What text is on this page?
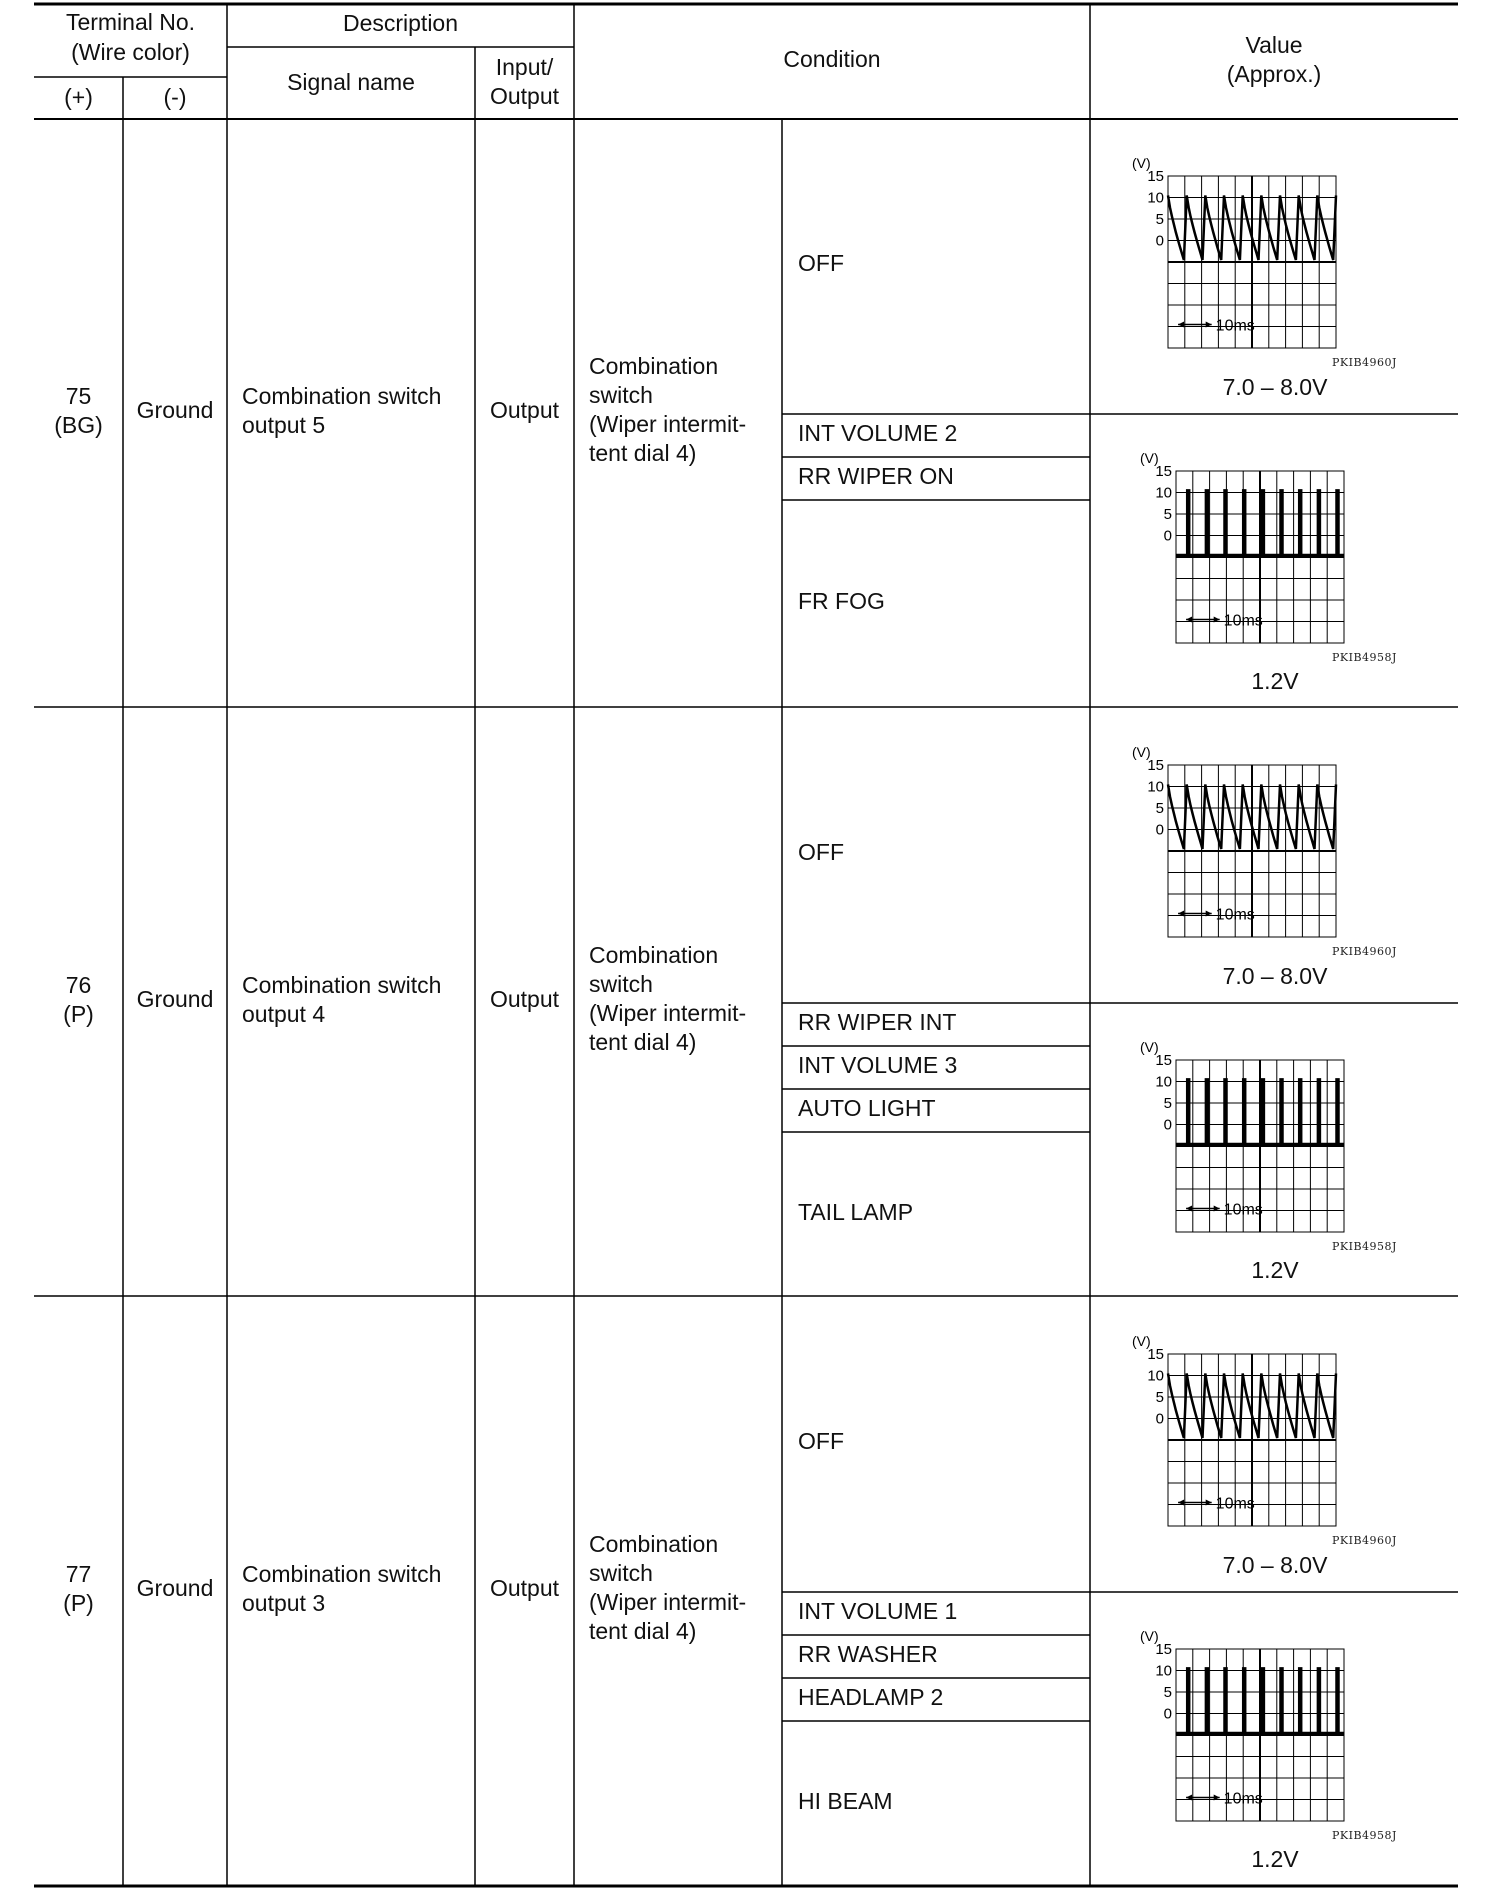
Terminal No.
(Wire color)
(+)	(-)
Description
Signal name
Input/
Output
Condition
Value
(Approx.)
75
(BG)
Ground
Combination switch
output 5
Output
Combination
switch
(Wiper intermit-
tent dial 4)
OFF
INT VOLUME 2
RR WIPER ON
FR FOG
(V)
15
10
5
0
10ms
PKIB4960J
7.0 – 8.0V
(V)
15
10
5
0
10ms
PKIB4958J
1.2V
76
(P)
Ground
Combination switch
output 4
Output
Combination
switch
(Wiper intermit-
tent dial 4)
OFF
RR WIPER INT
INT VOLUME 3
AUTO LIGHT
TAIL LAMP
(V)
15
10
5
0
10ms
PKIB4960J
7.0 – 8.0V
(V)
15
10
5
0
10ms
PKIB4958J
1.2V
77
(P)
Ground
Combination switch
output 3
Output
Combination
switch
(Wiper intermit-
tent dial 4)
OFF
INT VOLUME 1
RR WASHER
HEADLAMP 2
HI BEAM
(V)
15
10
5
0
10ms
PKIB4960J
7.0 – 8.0V
(V)
15
10
5
0
10ms
PKIB4958J
1.2V
